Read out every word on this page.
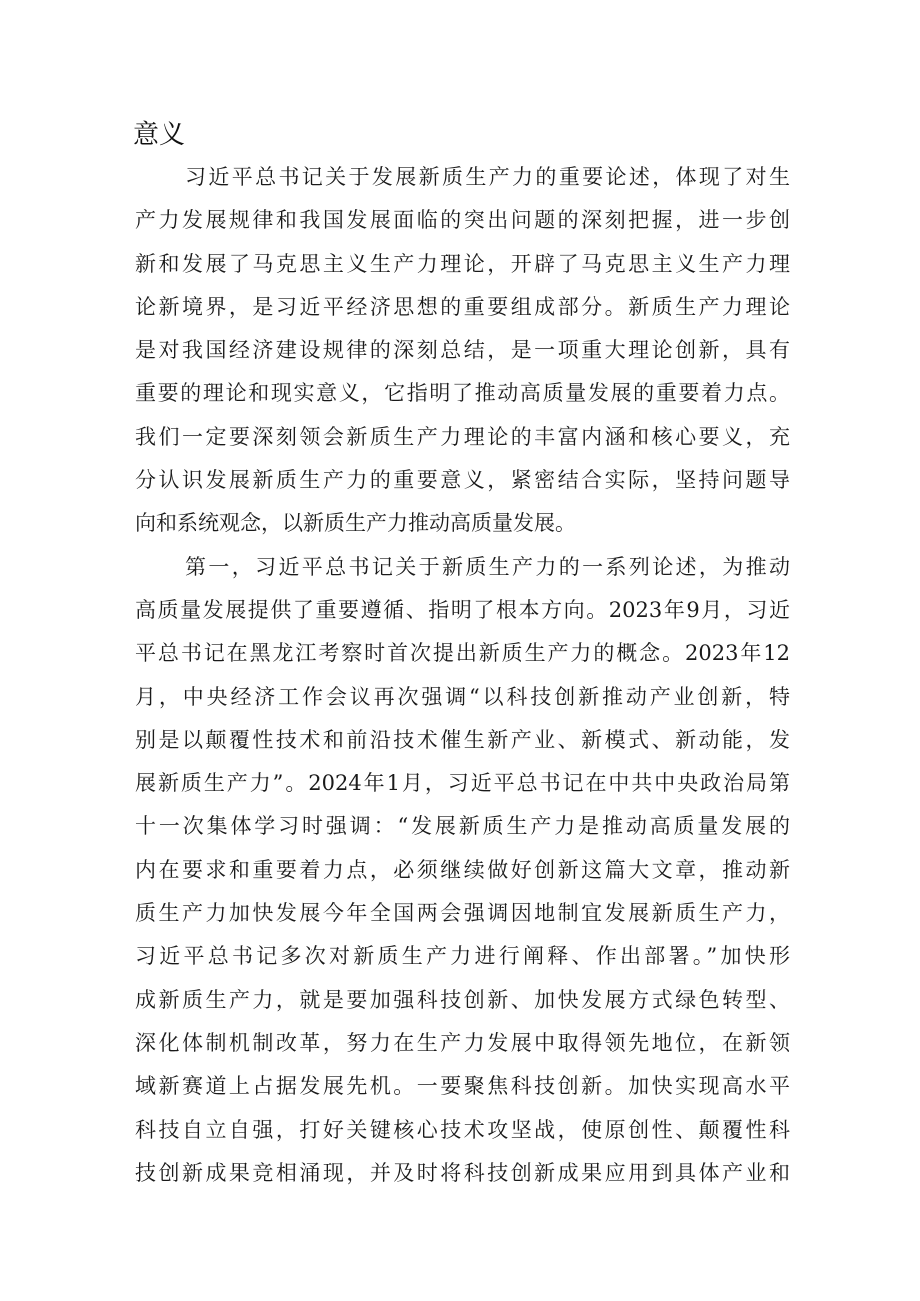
意义
习近平总书记关于发展新质生产力的重要论述，体现了对生
产力发展规律和我国发展面临的突出问题的深刻把握，进一步创
新和发展了马克思主义生产力理论，开辟了马克思主义生产力理
论新境界，是习近平经济思想的重要组成部分。新质生产力理论
是对我国经济建设规律的深刻总结，是一项重大理论创新，具有
重要的理论和现实意义，它指明了推动高质量发展的重要着力点。
我们一定要深刻领会新质生产力理论的丰富内涵和核心要义，充
分认识发展新质生产力的重要意义，紧密结合实际，坚持问题导
向和系统观念，以新质生产力推动高质量发展。
第一，习近平总书记关于新质生产力的一系列论述，为推动
高质量发展提供了重要遵循、指明了根本方向。2023年9月，习近
平总书记在黑龙江考察时首次提出新质生产力的概念。2023年12
月，中央经济工作会议再次强调“以科技创新推动产业创新，特
别是以颠覆性技术和前沿技术催生新产业、新模式、新动能，发
展新质生产力”。2024年1月，习近平总书记在中共中央政治局第
十一次集体学习时强调：“发展新质生产力是推动高质量发展的
内在要求和重要着力点，必须继续做好创新这篇大文章，推动新
质生产力加快发展今年全国两会强调因地制宜发展新质生产力，
习近平总书记多次对新质生产力进行阐释、作出部署。”加快形
成新质生产力，就是要加强科技创新、加快发展方式绿色转型、
深化体制机制改革，努力在生产力发展中取得领先地位，在新领
域新赛道上占据发展先机。一要聚焦科技创新。加快实现高水平
科技自立自强，打好关键核心技术攻坚战，使原创性、颠覆性科
技创新成果竞相涌现，并及时将科技创新成果应用到具体产业和
